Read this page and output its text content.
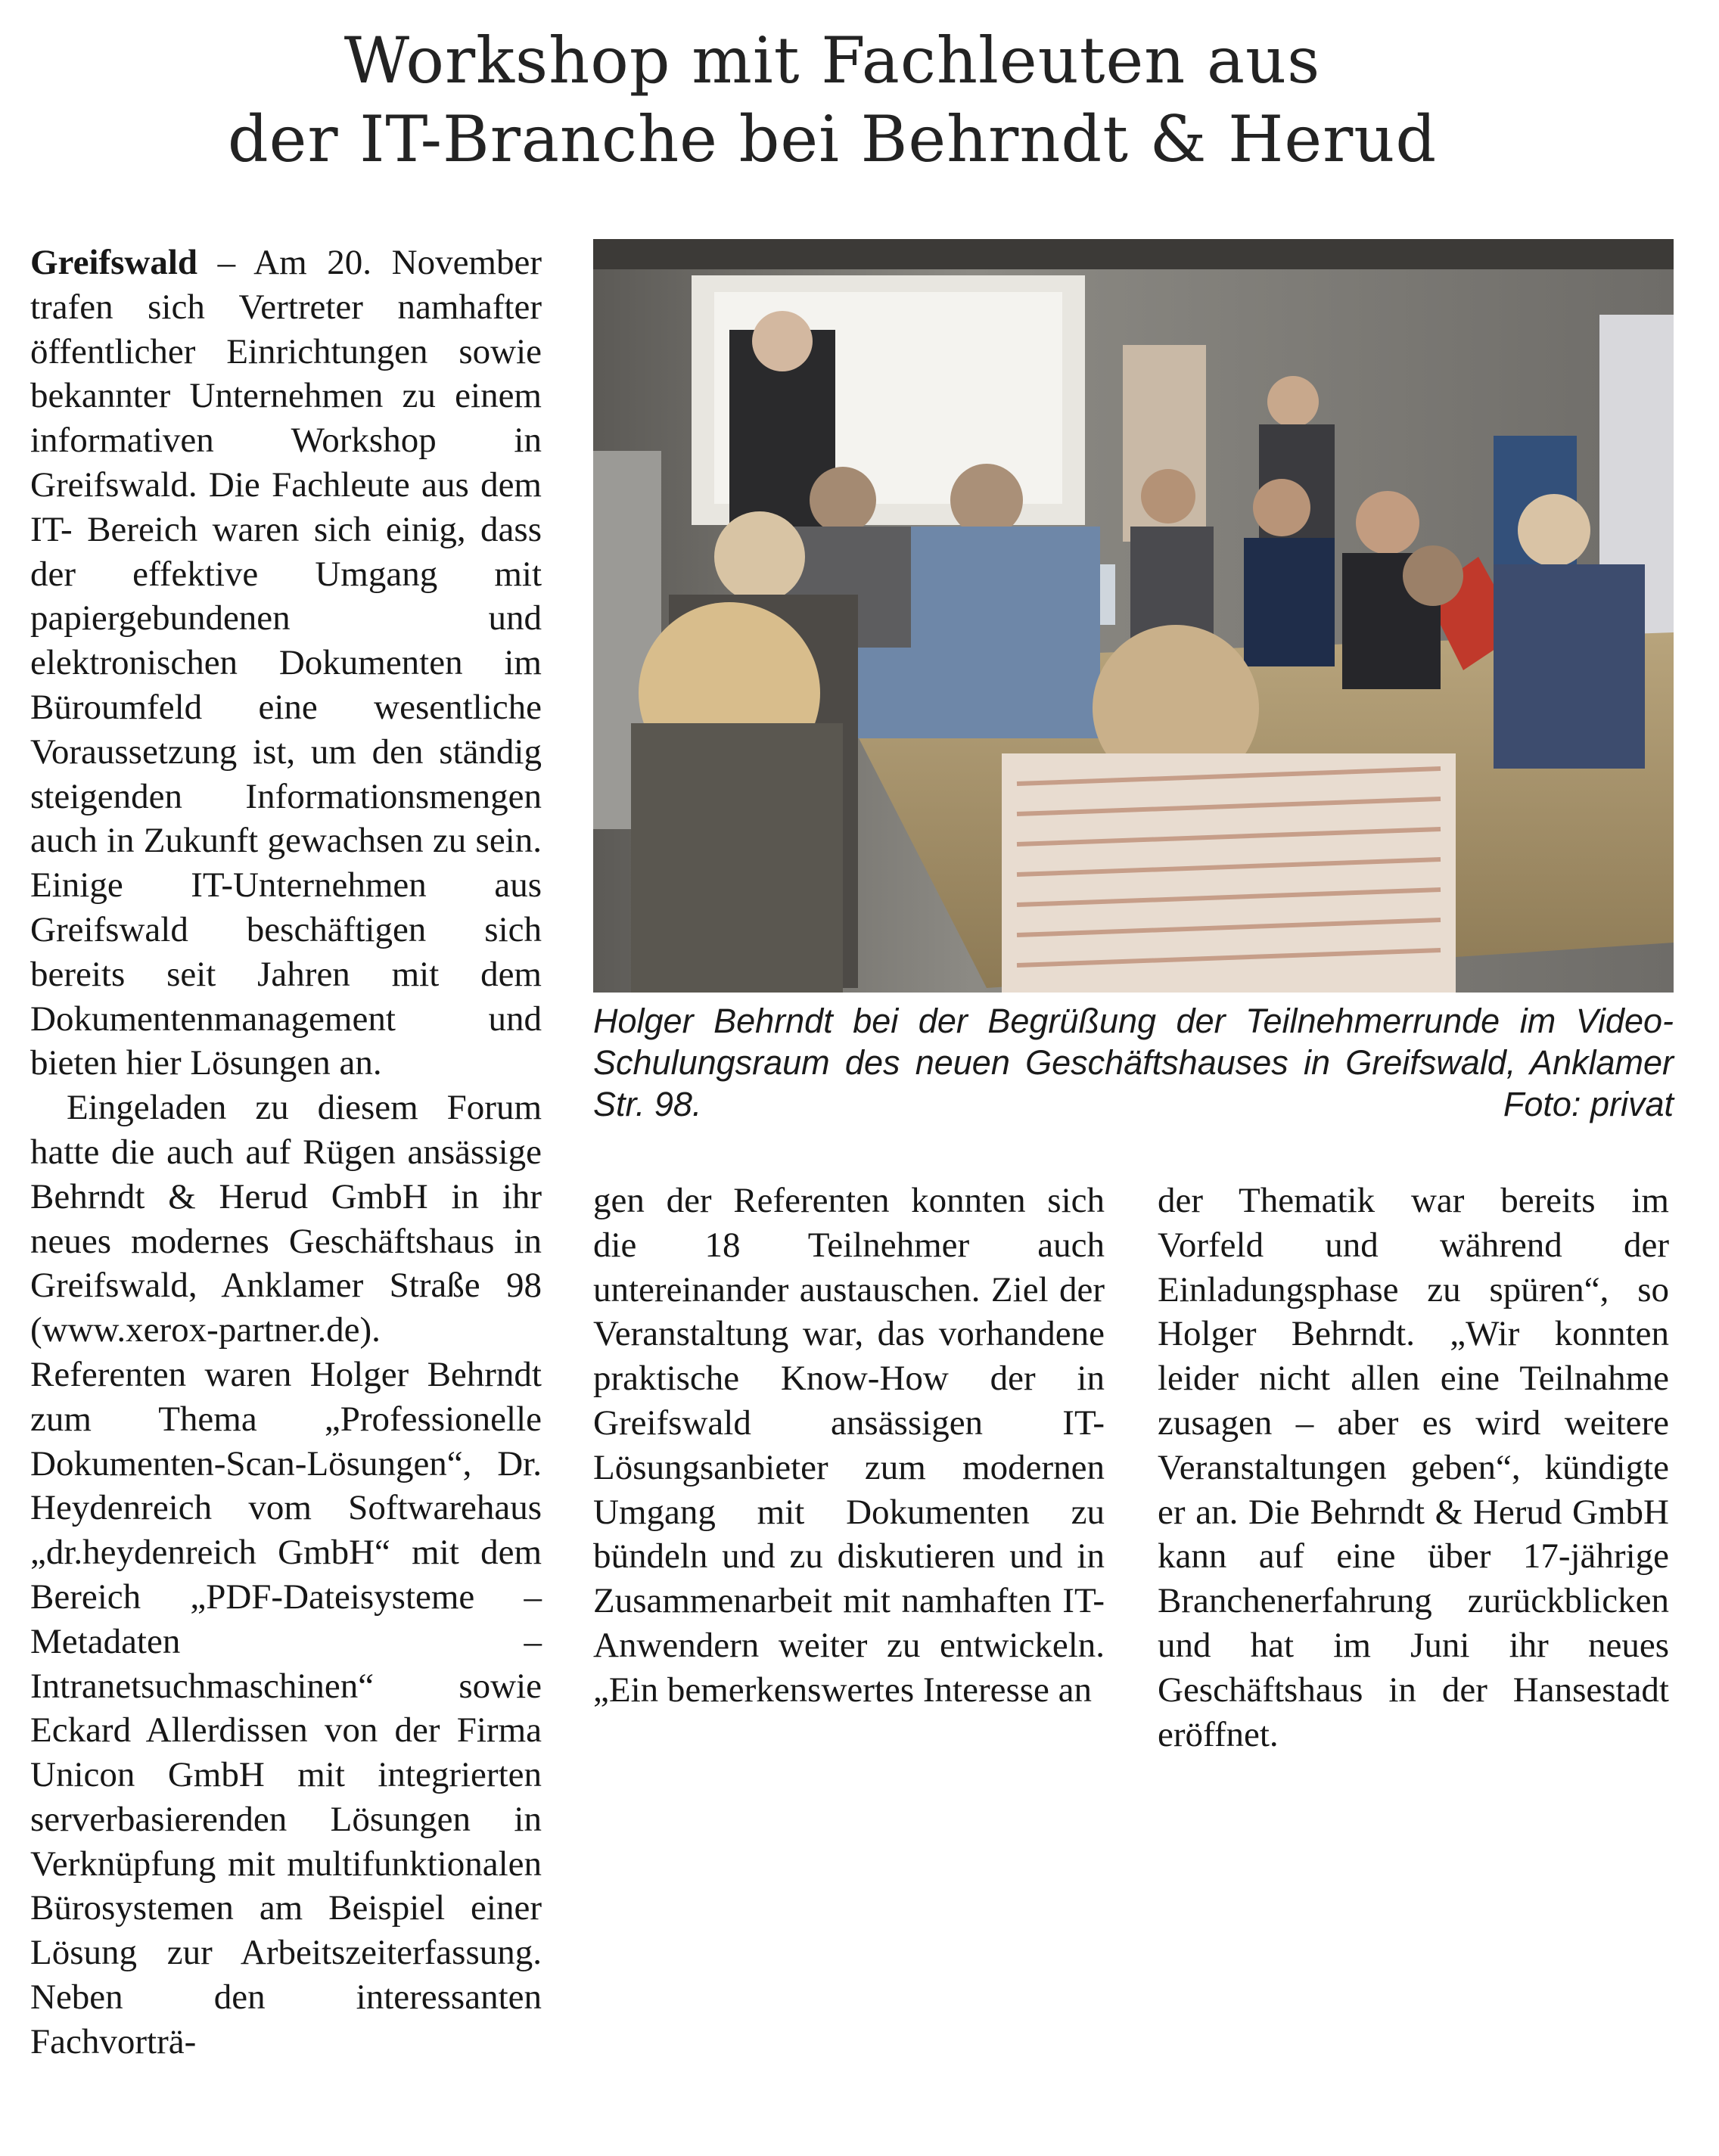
Workshop mit Fachleuten aus
der IT-Branche bei Behrndt & Herud

Greifswald – Am 20. November trafen sich Vertreter namhafter öffentlicher Einrichtungen sowie bekannter Unternehmen zu einem informativen Workshop in Greifswald. Die Fachleute aus dem IT- Bereich waren sich einig, dass der effektive Umgang mit papiergebundenen und elektronischen Dokumenten im Büroumfeld eine wesentliche Voraussetzung ist, um den ständig steigenden Informationsmengen auch in Zukunft gewachsen zu sein. Einige IT-Unternehmen aus Greifswald beschäftigen sich bereits seit Jahren mit dem Dokumentenmanagement und bieten hier Lösungen an.

Eingeladen zu diesem Forum hatte die auch auf Rügen ansässige Behrndt & Herud GmbH in ihr neues modernes Geschäftshaus in Greifswald, Anklamer Straße 98 (www.xerox-partner.de). Referenten waren Holger Behrndt zum Thema „Professionelle Dokumenten-Scan-Lösungen“, Dr. Heydenreich vom Softwarehaus „dr.heydenreich GmbH“ mit dem Bereich „PDF-Dateisysteme – Metadaten – Intranetsuchmaschinen“ sowie Eckard Allerdissen von der Firma Unicon GmbH mit integrierten serverbasierenden Lösungen in Verknüpfung mit multifunktionalen Bürosystemen am Beispiel einer Lösung zur Arbeitszeiterfassung. Neben den interessanten Fachvorträ-

Holger Behrndt bei der Begrüßung der Teilnehmerrunde im Video-Schulungsraum des neuen Geschäftshauses in Greifswald, Anklamer Str. 98.	Foto: privat

gen der Referenten konnten sich die 18 Teilnehmer auch untereinander austauschen. Ziel der Veranstaltung war, das vorhandene praktische Know-How der in Greifswald ansässigen IT-Lösungsanbieter zum modernen Umgang mit Dokumenten zu bündeln und zu diskutieren und in Zusammenarbeit mit namhaften IT-Anwendern weiter zu entwickeln. „Ein bemerkenswertes Interesse an

der Thematik war bereits im Vorfeld und während der Einladungsphase zu spüren“, so Holger Behrndt. „Wir konnten leider nicht allen eine Teilnahme zusagen – aber es wird weitere Veranstaltungen geben“, kündigte er an. Die Behrndt & Herud GmbH kann auf eine über 17-jährige Branchenerfahrung zurückblicken und hat im Juni ihr neues Geschäftshaus in der Hansestadt eröffnet.
